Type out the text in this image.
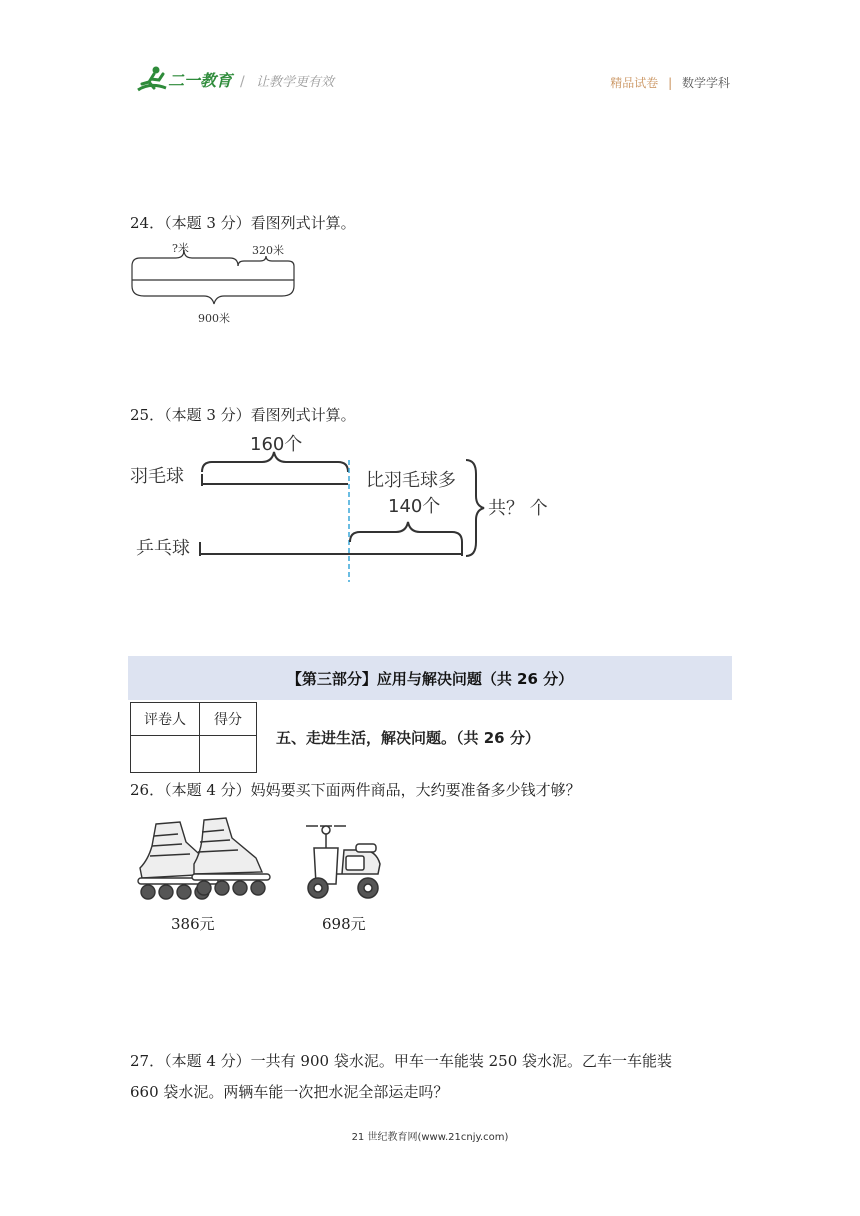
二一教育 / 让教学更有效	精品试卷 | 数学学科
24．（本题 3 分）看图列式计算。
?米	320米
900米
25．（本题 3 分）看图列式计算。
羽毛球
乒乓球
160个
比羽毛球多
140个	共？ 个
【第三部分】应用与解决问题（共 26 分）
评卷人	得分

五、走进生活，解决问题。（共 26 分）
26．（本题 4 分）妈妈要买下面两件商品，大约要准备多少钱才够？
386元	698元
27．（本题 4 分）一共有 900 袋水泥。甲车一车能装 250 袋水泥。乙车一车能装
660 袋水泥。两辆车能一次把水泥全部运走吗？
21 世纪教育网(www.21cnjy.com)
